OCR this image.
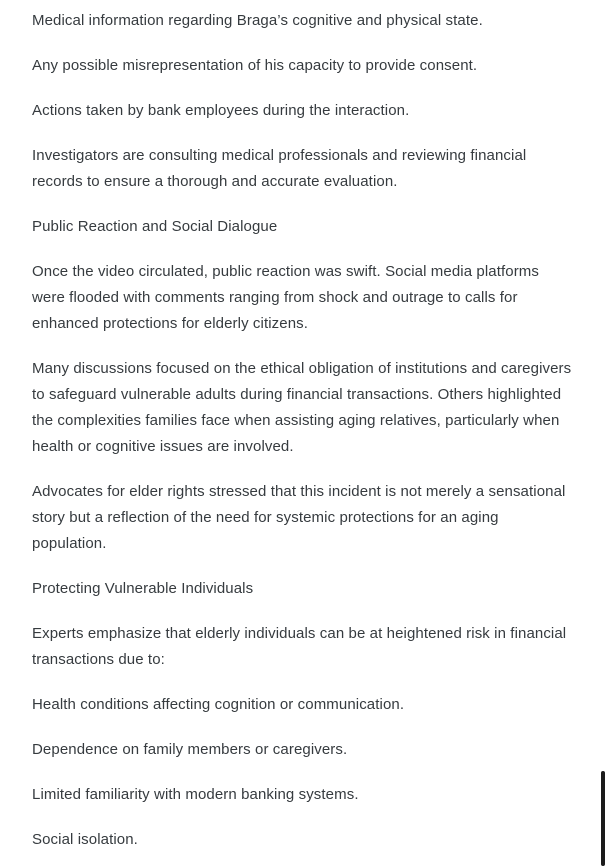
Medical information regarding Braga’s cognitive and physical state.

Any possible misrepresentation of his capacity to provide consent.

Actions taken by bank employees during the interaction.

Investigators are consulting medical professionals and reviewing financial records to ensure a thorough and accurate evaluation.

Public Reaction and Social Dialogue

Once the video circulated, public reaction was swift. Social media platforms were flooded with comments ranging from shock and outrage to calls for enhanced protections for elderly citizens.

Many discussions focused on the ethical obligation of institutions and caregivers to safeguard vulnerable adults during financial transactions. Others highlighted the complexities families face when assisting aging relatives, particularly when health or cognitive issues are involved.

Advocates for elder rights stressed that this incident is not merely a sensational story but a reflection of the need for systemic protections for an aging population.

Protecting Vulnerable Individuals

Experts emphasize that elderly individuals can be at heightened risk in financial transactions due to:

Health conditions affecting cognition or communication.

Dependence on family members or caregivers.

Limited familiarity with modern banking systems.

Social isolation.
